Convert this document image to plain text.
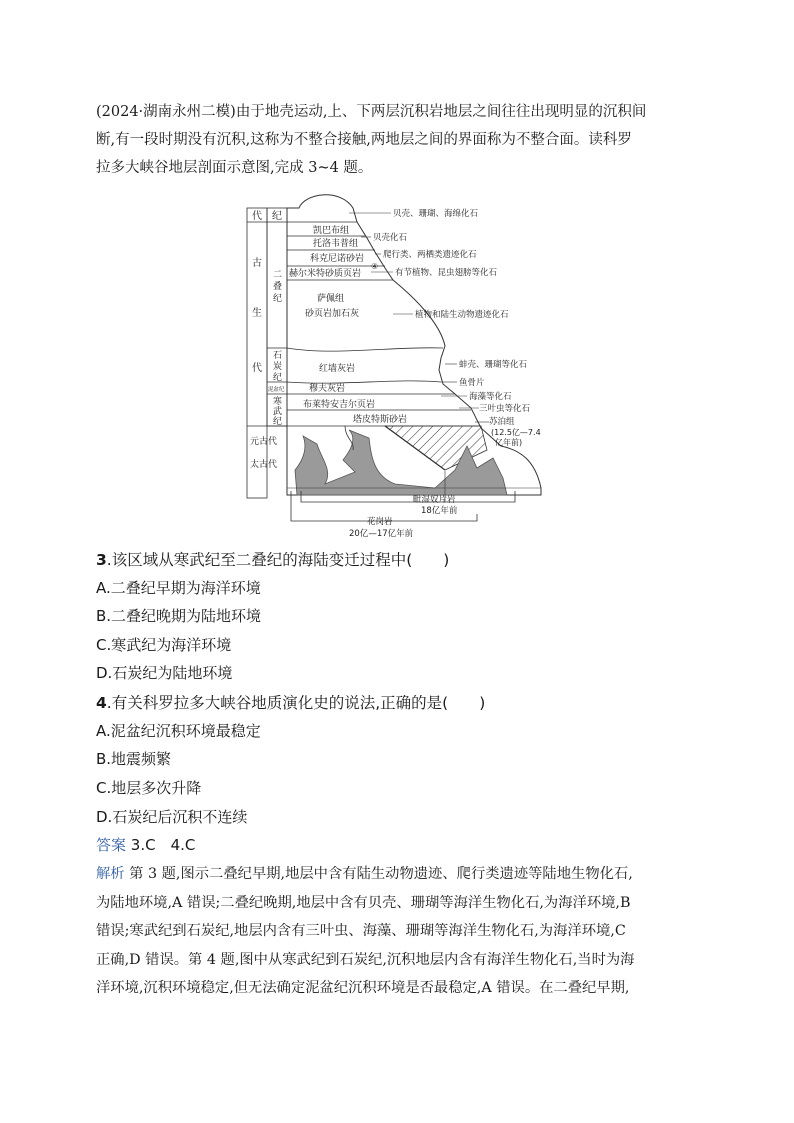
(2024·湖南永州二模)由于地壳运动,上、下两层沉积岩地层之间往往出现明显的沉积间
断,有一段时期没有沉积,这称为不整合接触,两地层之间的界面称为不整合面。读科罗
拉多大峡谷地层剖面示意图,完成 3~4 题。
代 纪
古
生
代
二
叠
纪
石
炭
纪
泥盆纪
寒
武
纪
元古代
太古代
凯巴布组
托洛韦普组
科克尼诺砂岩
赫尔米特砂质页岩
④
萨佩组
砂页岩加石灰
红墙灰岩
穆夫灰岩
布莱特安吉尔页岩
塔皮特斯砂岩
贝壳、珊瑚、海绵化石
贝壳化石
爬行类、两栖类遗迹化石
有节植物、昆虫翅膀等化石
植物和陆生动物遗迹化石
蚌壳、珊瑚等化石
鱼骨片
海藻等化石
三叶虫等化石
苏泊组
(12.5亿—7.4
亿年前)
毗湿奴片岩
18亿年前
花岗岩
20亿—17亿年前
3.该区域从寒武纪至二叠纪的海陆变迁过程中(　　)
A.二叠纪早期为海洋环境
B.二叠纪晚期为陆地环境
C.寒武纪为海洋环境
D.石炭纪为陆地环境
4.有关科罗拉多大峡谷地质演化史的说法,正确的是(　　)
A.泥盆纪沉积环境最稳定
B.地震频繁
C.地层多次升降
D.石炭纪后沉积不连续
答案 3.C　4.C
解析 第 3 题,图示二叠纪早期,地层中含有陆生动物遗迹、爬行类遗迹等陆地生物化石,
为陆地环境,A 错误;二叠纪晚期,地层中含有贝壳、珊瑚等海洋生物化石,为海洋环境,B
错误;寒武纪到石炭纪,地层内含有三叶虫、海藻、珊瑚等海洋生物化石,为海洋环境,C
正确,D 错误。第 4 题,图中从寒武纪到石炭纪,沉积地层内含有海洋生物化石,当时为海
洋环境,沉积环境稳定,但无法确定泥盆纪沉积环境是否最稳定,A 错误。在二叠纪早期,
